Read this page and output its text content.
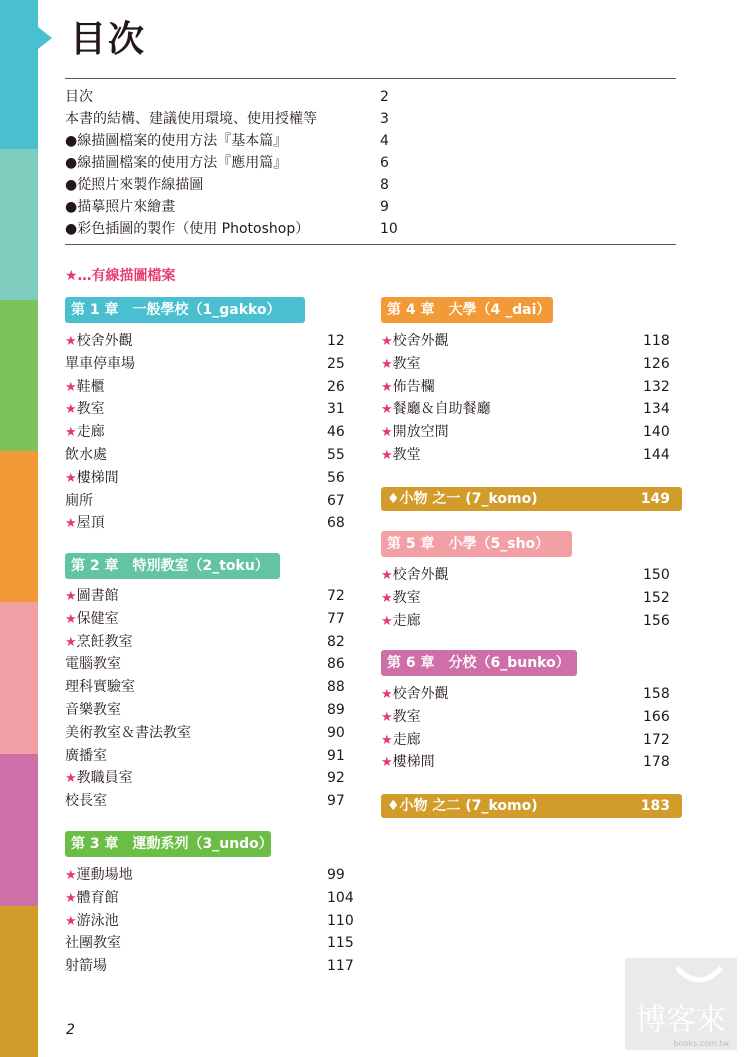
目次
目次	2
本書的結構、建議使用環境、使用授權等	3
●線描圖檔案的使用方法『基本篇』	4
●線描圖檔案的使用方法『應用篇』	6
●從照片來製作線描圖	8
●描摹照片來繪畫	9
●彩色插圖的製作（使用 Photoshop）	10
★…有線描圖檔案
第 1 章　一般學校（1_gakko）
★校舍外觀	12
單車停車場	25
★鞋櫃	26
★教室	31
★走廊	46
飲水處	55
★樓梯間	56
廁所	67
★屋頂	68
第 2 章　特別教室（2_toku）
★圖書館	72
★保健室	77
★烹飪教室	82
電腦教室	86
理科實驗室	88
音樂教室	89
美術教室＆書法教室	90
廣播室	91
★教職員室	92
校長室	97
第 3 章　運動系列（3_undo）
★運動場地	99
★體育館	104
★游泳池	110
社團教室	115
射箭場	117
第 4 章　大學（4 _dai）
★校舍外觀	118
★教室	126
★佈告欄	132
★餐廳＆自助餐廳	134
★開放空間	140
★教堂	144
♦小物 之一 (7_komo)	149
第 5 章　小學（5_sho）
★校舍外觀	150
★教室	152
★走廊	156
第 6 章　分校（6_bunko）
★校舍外觀	158
★教室	166
★走廊	172
★樓梯間	178
♦小物 之二 (7_komo)	183
2	博客來
books.com.tw
